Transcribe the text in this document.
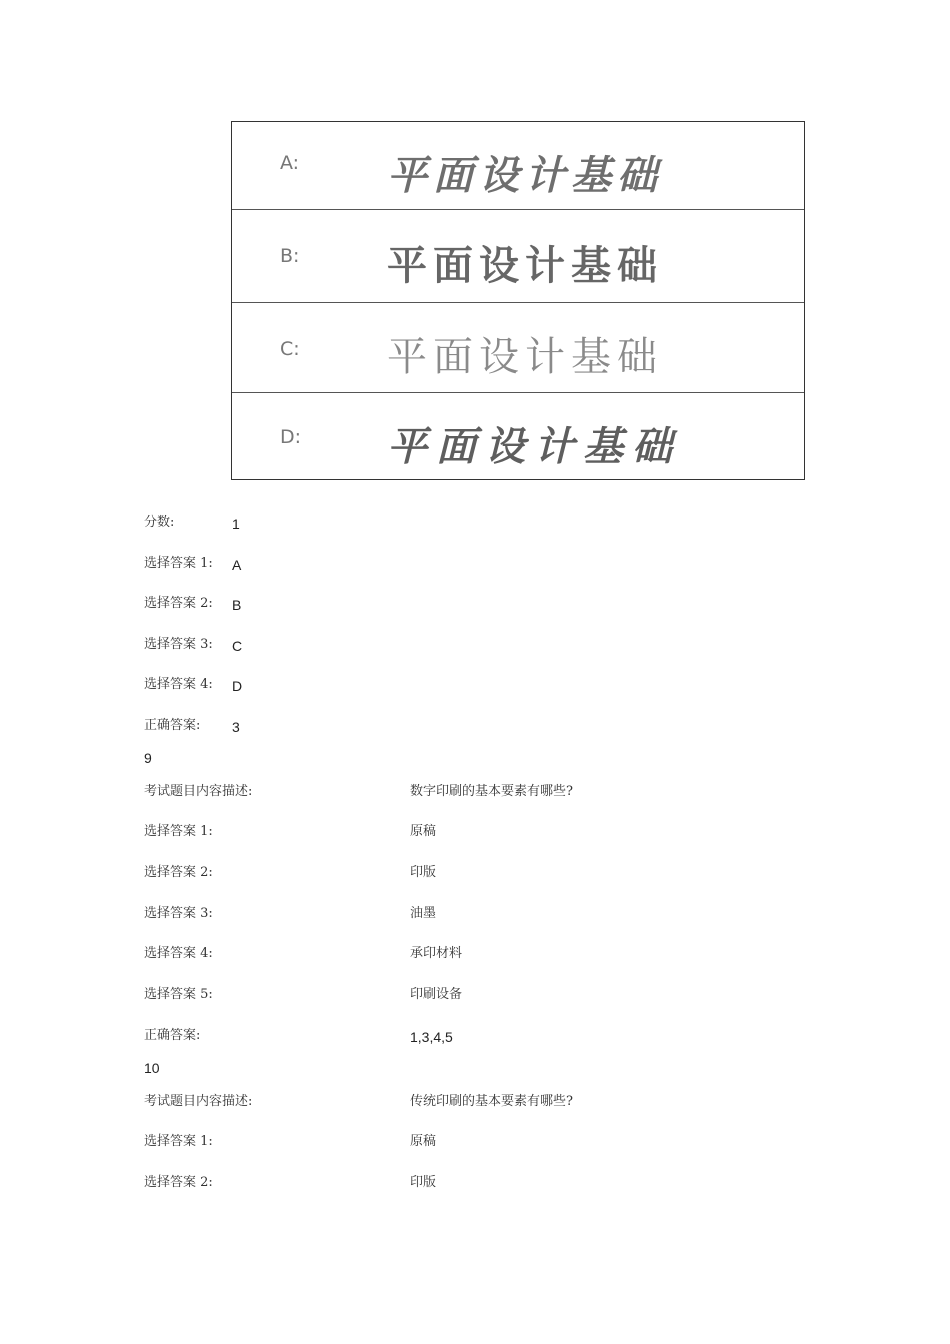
A: 平面设计基础
B: 平面设计基础
C: 平面设计基础
D: 平面设计基础
分数:	1
选择答案 1: A
选择答案 2: B
选择答案 3: C
选择答案 4: D
正确答案: 3
9
考试题目内容描述:	数字印刷的基本要素有哪些?
选择答案 1:	原稿
选择答案 2:	印版
选择答案 3:	油墨
选择答案 4:	承印材料
选择答案 5:	印刷设备
正确答案:	1,3,4,5
10
考试题目内容描述:	传统印刷的基本要素有哪些?
选择答案 1:	原稿
选择答案 2:	印版
